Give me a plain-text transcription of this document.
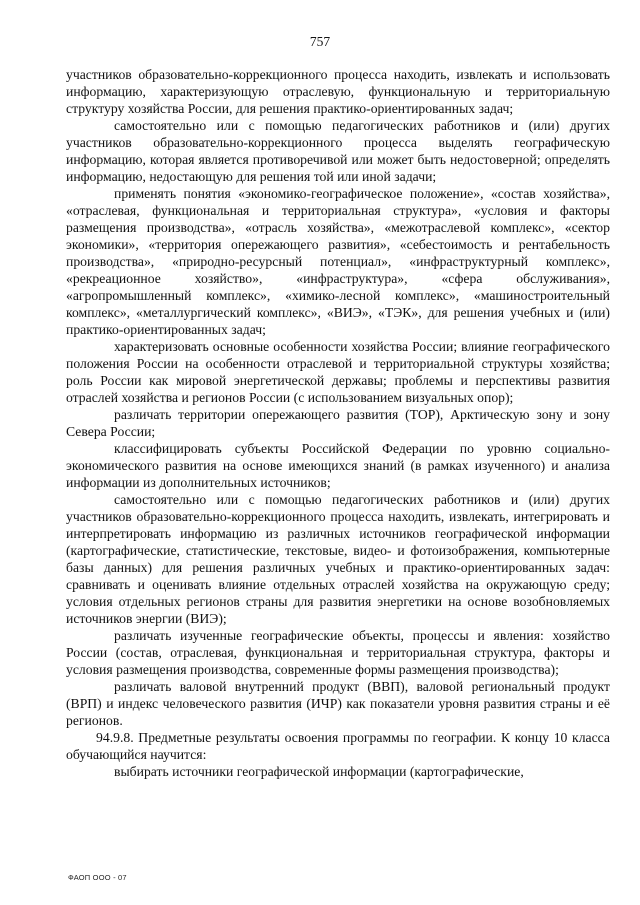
757

участников образовательно-коррекционного процесса находить, извлекать и использовать информацию, характеризующую отраслевую, функциональную и территориальную структуру хозяйства России, для решения практико-ориентированных задач;

самостоятельно или с помощью педагогических работников и (или) других участников образовательно-коррекционного процесса выделять географическую информацию, которая является противоречивой или может быть недостоверной; определять информацию, недостающую для решения той или иной задачи;

применять понятия «экономико-географическое положение», «состав хозяйства», «отраслевая, функциональная и территориальная структура», «условия и факторы размещения производства», «отрасль хозяйства», «межотраслевой комплекс», «сектор экономики», «территория опережающего развития», «себестоимость и рентабельность производства», «природно-ресурсный потенциал», «инфраструктурный комплекс», «рекреационное хозяйство», «инфраструктура», «сфера обслуживания», «агропромышленный комплекс», «химико-лесной комплекс», «машиностроительный комплекс», «металлургический комплекс», «ВИЭ», «ТЭК», для решения учебных и (или) практико-ориентированных задач;

характеризовать основные особенности хозяйства России; влияние географического положения России на особенности отраслевой и территориальной структуры хозяйства; роль России как мировой энергетической державы; проблемы и перспективы развития отраслей хозяйства и регионов России (с использованием визуальных опор);

различать территории опережающего развития (ТОР), Арктическую зону и зону Севера России;

классифицировать субъекты Российской Федерации по уровню социально-экономического развития на основе имеющихся знаний (в рамках изученного) и анализа информации из дополнительных источников;

самостоятельно или с помощью педагогических работников и (или) других участников образовательно-коррекционного процесса находить, извлекать, интегрировать и интерпретировать информацию из различных источников географической информации (картографические, статистические, текстовые, видео- и фотоизображения, компьютерные базы данных) для решения различных учебных и практико-ориентированных задач: сравнивать и оценивать влияние отдельных отраслей хозяйства на окружающую среду; условия отдельных регионов страны для развития энергетики на основе возобновляемых источников энергии (ВИЭ);

различать изученные географические объекты, процессы и явления: хозяйство России (состав, отраслевая, функциональная и территориальная структура, факторы и условия размещения производства, современные формы размещения производства);

различать валовой внутренний продукт (ВВП), валовой региональный продукт (ВРП) и индекс человеческого развития (ИЧР) как показатели уровня развития страны и её регионов.

94.9.8. Предметные результаты освоения программы по географии. К концу 10 класса обучающийся научится:

выбирать источники географической информации (картографические,

ФАОП ООО - 07
